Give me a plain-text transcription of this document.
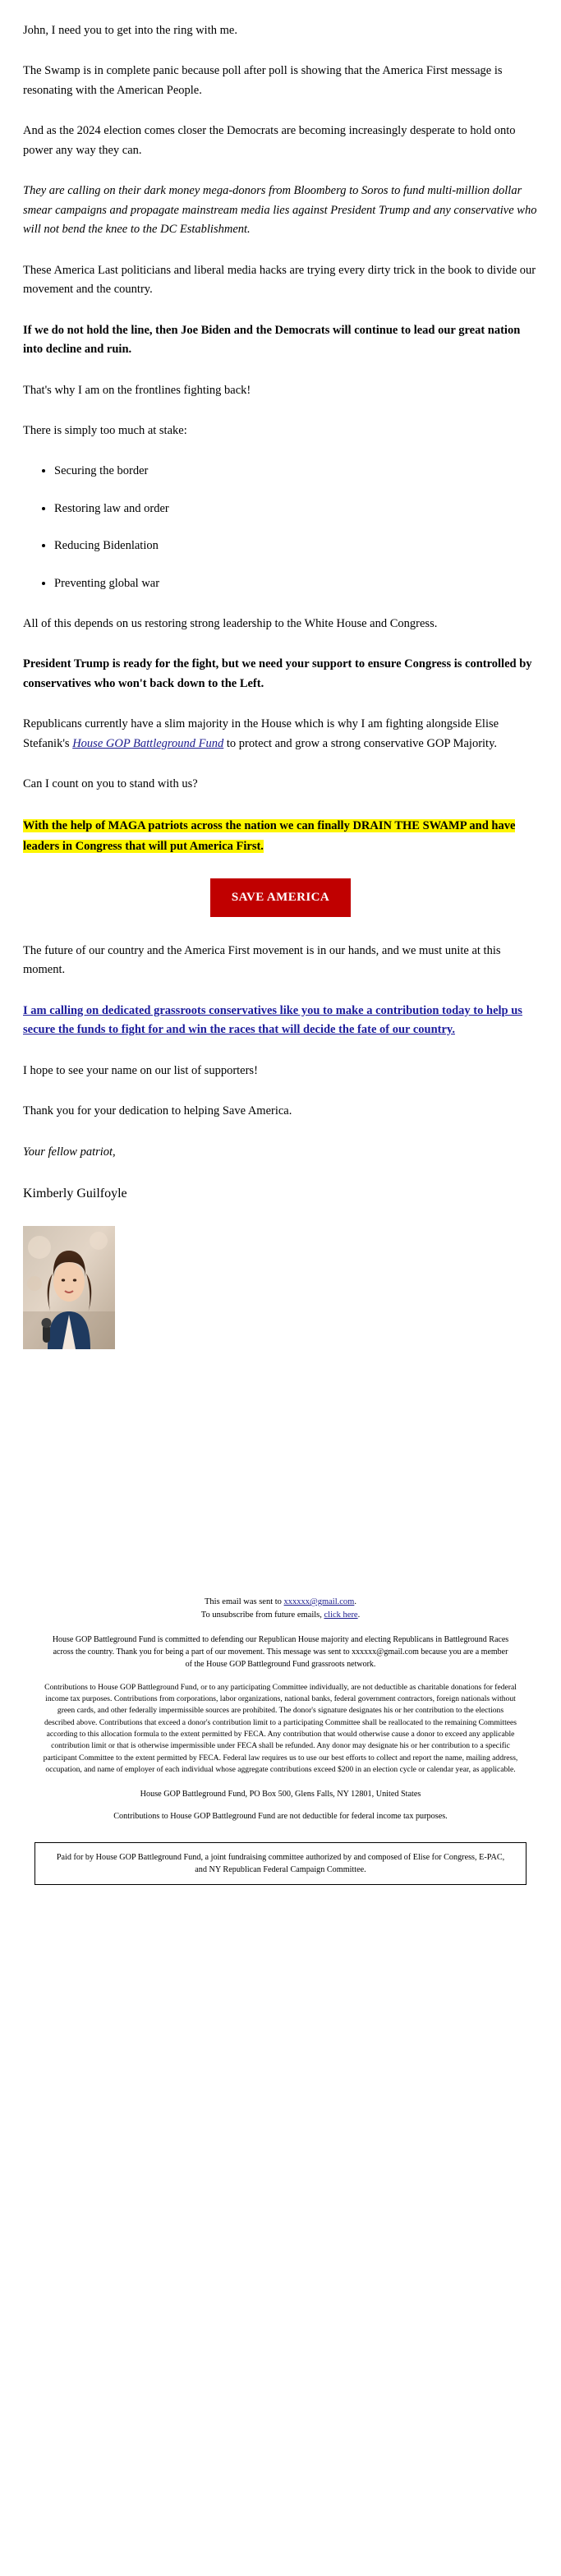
John, I need you to get into the ring with me.

The Swamp is in complete panic because poll after poll is showing that the America First message is resonating with the American People.

And as the 2024 election comes closer the Democrats are becoming increasingly desperate to hold onto power any way they can.

They are calling on their dark money mega-donors from Bloomberg to Soros to fund multi-million dollar smear campaigns and propagate mainstream media lies against President Trump and any conservative who will not bend the knee to the DC Establishment.

These America Last politicians and liberal media hacks are trying every dirty trick in the book to divide our movement and the country.

If we do not hold the line, then Joe Biden and the Democrats will continue to lead our great nation into decline and ruin.

That's why I am on the frontlines fighting back!

There is simply too much at stake:

• Securing the border
• Restoring law and order
• Reducing Bidenlation
• Preventing global war

All of this depends on us restoring strong leadership to the White House and Congress.

President Trump is ready for the fight, but we need your support to ensure Congress is controlled by conservatives who won't back down to the Left.

Republicans currently have a slim majority in the House which is why I am fighting alongside Elise Stefanik's House GOP Battleground Fund to protect and grow a strong conservative GOP Majority.

Can I count on you to stand with us?

With the help of MAGA patriots across the nation we can finally DRAIN THE SWAMP and have leaders in Congress that will put America First.

SAVE AMERICA

The future of our country and the America First movement is in our hands, and we must unite at this moment.

I am calling on dedicated grassroots conservatives like you to make a contribution today to help us secure the funds to fight for and win the races that will decide the fate of our country.

I hope to see your name on our list of supporters!

Thank you for your dedication to helping Save America.

Your fellow patriot,

Kimberly Guilfoyle

This email was sent to xxxxxx@gmail.com.
To unsubscribe from future emails, click here.

House GOP Battleground Fund is committed to defending our Republican House majority and electing Republicans in Battleground Races across the country. Thank you for being a part of our movement. This message was sent to xxxxxx@gmail.com because you are a member of the House GOP Battleground Fund grassroots network.

Contributions to House GOP Battleground Fund, or to any participating Committee individually, are not deductible as charitable donations for federal income tax purposes. Contributions from corporations, labor organizations, national banks, federal government contractors, foreign nationals without green cards, and other federally impermissible sources are prohibited. The donor's signature designates his or her contribution to the elections described above. Contributions that exceed a donor's contribution limit to a participating Committee shall be reallocated to the remaining Committees according to this allocation formula to the extent permitted by FECA. Any contribution that would otherwise cause a donor to exceed any applicable contribution limit or that is otherwise impermissible under FECA shall be refunded. Any donor may designate his or her contribution to a specific participant Committee to the extent permitted by FECA. Federal law requires us to use our best efforts to collect and report the name, mailing address, occupation, and name of employer of each individual whose aggregate contributions exceed $200 in an election cycle or calendar year, as applicable.
House GOP Battleground Fund, PO Box 500, Glens Falls, NY 12801, United States
Contributions to House GOP Battleground Fund are not deductible for federal income tax purposes.
Paid for by House GOP Battleground Fund, a joint fundraising committee authorized by and composed of Elise for Congress, E-PAC, and NY Republican Federal Campaign Committee.
